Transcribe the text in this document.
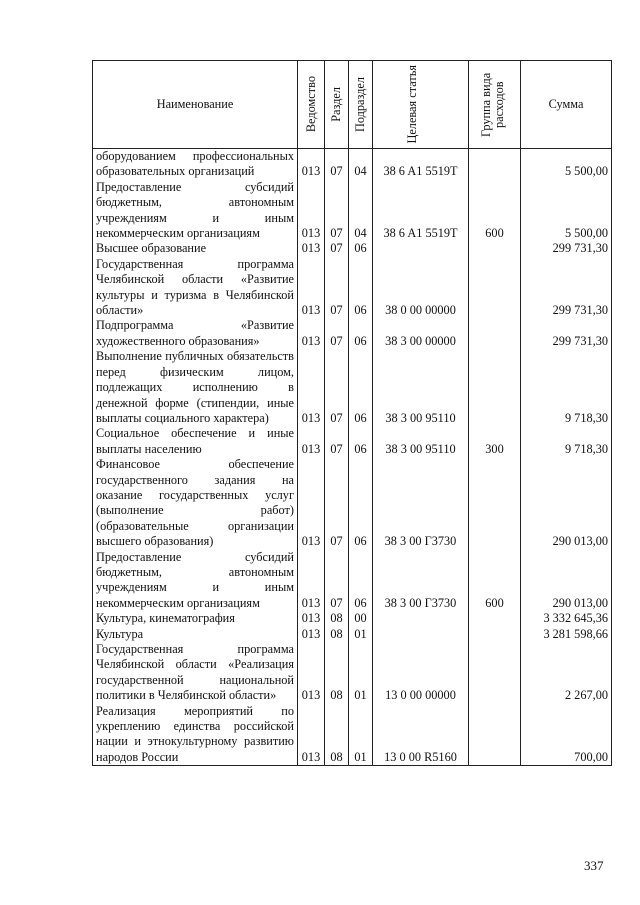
Наименование	Ведомство	Раздел	Подраздел	Целевая статья	Группа вида расходов	Сумма
оборудованием профессиональных образовательных организаций	013	07	04	38 6 A1 5519T		5 500,00
Предоставление субсидий бюджетным, автономным учреждениям и иным некоммерческим организациям	013	07	04	38 6 A1 5519T	600	5 500,00
Высшее образование	013	07	06			299 731,30
Государственная программа Челябинской области «Развитие культуры и туризма в Челябинской области»	013	07	06	38 0 00 00000		299 731,30
Подпрограмма «Развитие художественного образования»	013	07	06	38 3 00 00000		299 731,30
Выполнение публичных обязательств перед физическим лицом, подлежащих исполнению в денежной форме (стипендии, иные выплаты социального характера)	013	07	06	38 3 00 95110		9 718,30
Социальное обеспечение и иные выплаты населению	013	07	06	38 3 00 95110	300	9 718,30
Финансовое обеспечение государственного задания на оказание государственных услуг (выполнение работ) (образовательные организации высшего образования)	013	07	06	38 3 00 Г3730		290 013,00
Предоставление субсидий бюджетным, автономным учреждениям и иным некоммерческим организациям	013	07	06	38 3 00 Г3730	600	290 013,00
Культура, кинематография	013	08	00			3 332 645,36
Культура	013	08	01			3 281 598,66
Государственная программа Челябинской области «Реализация государственной национальной политики в Челябинской области»	013	08	01	13 0 00 00000		2 267,00
Реализация мероприятий по укреплению единства российской нации и этнокультурному развитию народов России	013	08	01	13 0 00 R5160		700,00
337
